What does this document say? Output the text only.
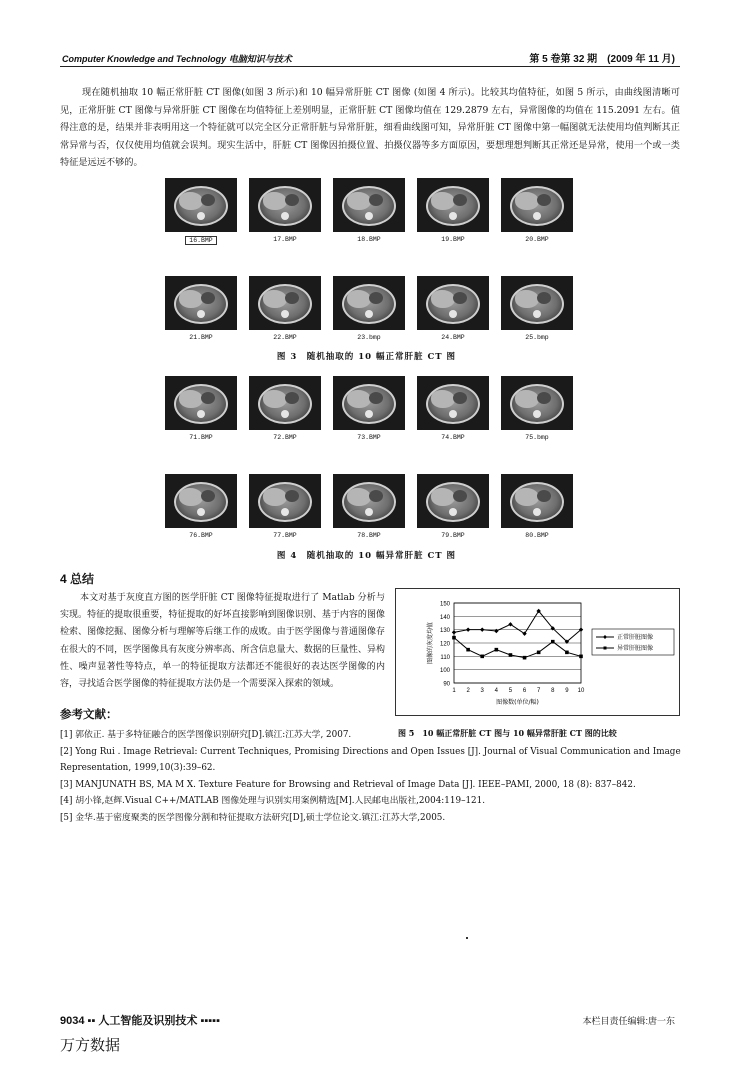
Computer Knowledge and Technology 电脑知识与技术	第 5 卷第 32 期　(2009 年 11 月)
现在随机抽取 10 幅正常肝脏 CT 图像(如图 3 所示)和 10 幅异常肝脏 CT 图像 (如图 4 所示)。比较其均值特征，如图 5 所示，由曲线图清晰可见，正常肝脏 CT 图像与异常肝脏 CT 图像在均值特征上差别明显，正常肝脏 CT 图像均值在 129.2879 左右，异常图像的均值在 115.2091 左右。值得注意的是，结果并非表明用这一个特征就可以完全区分正常肝脏与异常肝脏，细看曲线图可知，异常肝脏 CT 图像中第一幅图就无法使用均值判断其正常异常与否，仅仅使用均值就会误判。现实生活中，肝脏 CT 图像因拍摄位置、拍摄仪器等多方面原因，要想理想判断其正常还是异常，使用一个或一类特征是远远不够的。
16.BMP	17.BMP	18.BMP	19.BMP	20.BMP
21.BMP	22.BMP	23.bmp	24.BMP	25.bmp
图 3　随机抽取的 10 幅正常肝脏 CT 图
71.BMP	72.BMP	73.BMP	74.BMP	75.bmp
76.BMP	77.BMP	78.BMP	79.BMP	80.BMP
图 4　随机抽取的 10 幅异常肝脏 CT 图
4 总结
本文对基于灰度直方图的医学肝脏 CT 图像特征提取进行了 Matlab 分析与实现。特征的提取很重要，特征提取的好坏直接影响到图像识别、基于内容的图像检索、图像挖掘、图像分析与理解等后继工作的成败。由于医学图像与普通图像存在很大的不同，医学图像具有灰度分辨率高、所含信息量大、数据的巨量性、异构性、噪声显著性等特点，单一的特征提取方法都还不能很好的表达医学图像的内容，寻找适合医学图像的特征提取方法仍是一个需要深入探索的领域。	90
100
110
120
130
140
150
1 2 3 4 5 6 7 8 9 10
图像数(单位/幅)
图像的灰度均值	正常肝脏图像
异常肝脏图像
图 5　10 幅正常肝脏 CT 图与 10 幅异常肝脏 CT 图的比较
参考文献：
[1] 郭依正. 基于多特征融合的医学图像识别研究[D].镇江:江苏大学, 2007.
[2] Yong Rui . Image Retrieval: Current Techniques, Promising Directions and Open Issues [J]. Journal of Visual Communication and Image Representation, 1999,10(3):39–62.
[3] MANJUNATH BS, MA M X. Texture Feature for Browsing and Retrieval of Image Data [J]. IEEE–PAMI, 2000, 18 (8): 837–842.
[4] 胡小锋,赵辉.Visual C++/MATLAB 图像处理与识别实用案例精选[M].人民邮电出版社,2004:119–121.
[5] 金华.基于密度聚类的医学图像分割和特征提取方法研究[D],硕士学位论文.镇江:江苏大学,2005.
9034 ▪▪ 人工智能及识别技术 ▪▪▪▪▪	本栏目责任编辑:唐一东
万方数据
